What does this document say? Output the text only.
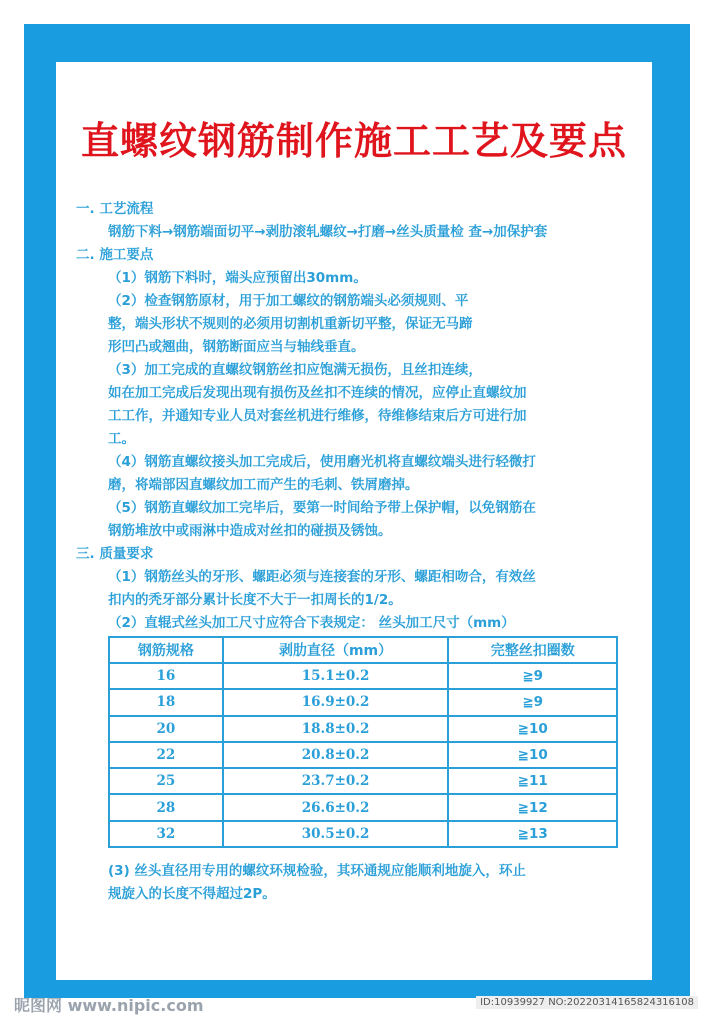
直螺纹钢筋制作施工工艺及要点
一. 工艺流程
钢筋下料→钢筋端面切平→剥肋滚轧螺纹→打磨→丝头质量检 查→加保护套
二. 施工要点
（1）钢筋下料时，端头应预留出30mm。
（2）检查钢筋原材，用于加工螺纹的钢筋端头必须规则、平
整，端头形状不规则的必须用切割机重新切平整，保证无马蹄
形凹凸或翘曲，钢筋断面应当与轴线垂直。
（3）加工完成的直螺纹钢筋丝扣应饱满无损伤，且丝扣连续，
如在加工完成后发现出现有损伤及丝扣不连续的情况，应停止直螺纹加
工工作，并通知专业人员对套丝机进行维修，待维修结束后方可进行加
工。
（4）钢筋直螺纹接头加工完成后，使用磨光机将直螺纹端头进行轻微打
磨，将端部因直螺纹加工而产生的毛刺、铁屑磨掉。
（5）钢筋直螺纹加工完毕后，要第一时间给予带上保护帽，以免钢筋在
钢筋堆放中或雨淋中造成对丝扣的碰损及锈蚀。
三. 质量要求
（1）钢筋丝头的牙形、螺距必须与连接套的牙形、螺距相吻合，有效丝
扣内的秃牙部分累计长度不大于一扣周长的1/2。
（2）直辊式丝头加工尺寸应符合下表规定： 丝头加工尺寸（mm）
钢筋规格	剥肋直径（mm）	完整丝扣圈数
16	15.1±0.2	≧9
18	16.9±0.2	≧9
20	18.8±0.2	≧10
22	20.8±0.2	≧10
25	23.7±0.2	≧11
28	26.6±0.2	≧12
32	30.5±0.2	≧13
(3) 丝头直径用专用的螺纹环规检验，其环通规应能顺利地旋入，环止
规旋入的长度不得超过2P。
昵图网 www.nipic.com	ID:10939927 NO:20220314165824316108
